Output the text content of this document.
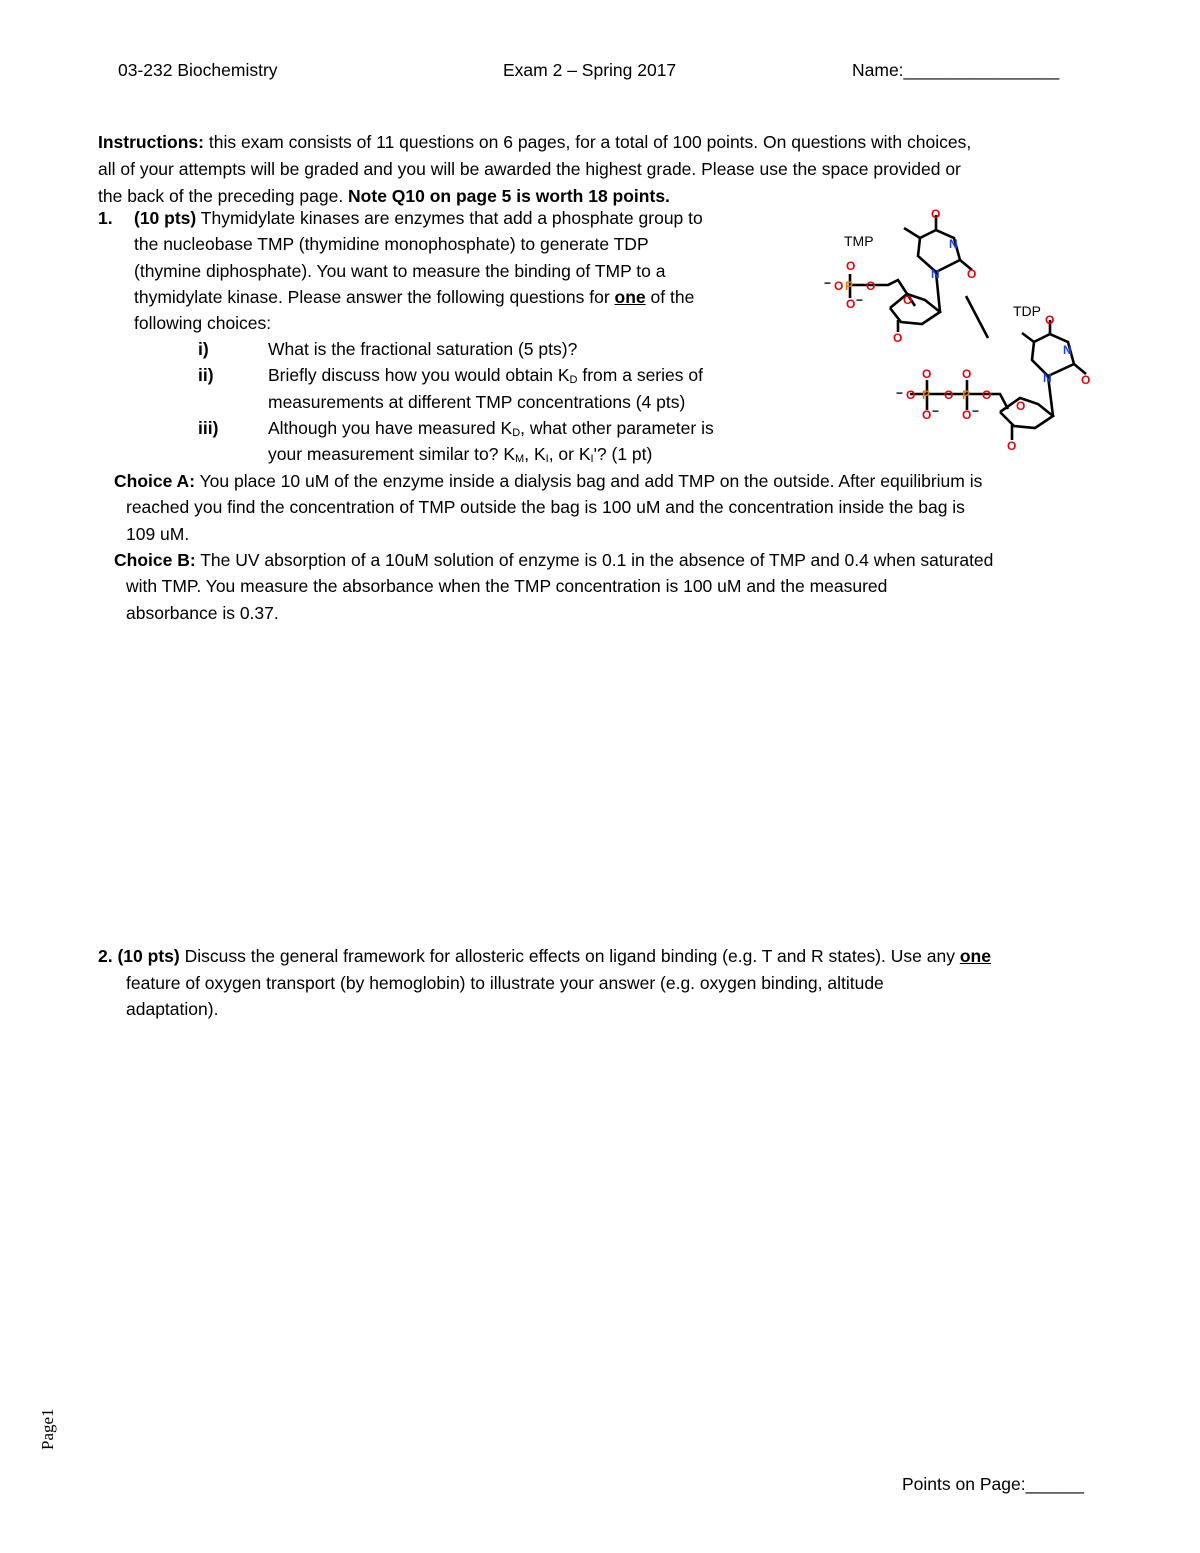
03-232 Biochemistry	Exam 2 – Spring 2017	Name:________________
Instructions: this exam consists of 11 questions on 6 pages, for a total of 100 points. On questions with choices,
all of your attempts will be graded and you will be awarded the highest grade. Please use the space provided or
the back of the preceding page. Note Q10 on page 5 is worth 18 points.
1. (10 pts) Thymidylate kinases are enzymes that add a phosphate group to
the nucleobase TMP (thymidine monophosphate) to generate TDP
(thymine diphosphate). You want to measure the binding of TMP to a
thymidylate kinase. Please answer the following questions for one of the
following choices:
i)	What is the fractional saturation (5 pts)?
ii)	Briefly discuss how you would obtain $K_D$ from a series of
measurements at different TMP concentrations (4 pts)
iii)	Although you have measured $K_D$, what other parameter is
your measurement similar to? $K_M$, $K_I$, or $K_I'$? (1 pt)
Choice A: You place 10 uM of the enzyme inside a dialysis bag and add TMP on the outside. After equilibrium is
reached you find the concentration of TMP outside the bag is 100 uM and the concentration inside the bag is
109 uM.
Choice B: The UV absorption of a 10uM solution of enzyme is 0.1 in the absence of TMP and 0.4 when saturated
with TMP. You measure the absorbance when the TMP concentration is 100 uM and the measured
absorbance is 0.37.
O
O
− P O
O −	O
O
O
N
N O
O	O
− O P O P O
O − O −	O
O
O
N
N O
TMP
TDP
2. (10 pts) Discuss the general framework for allosteric effects on ligand binding (e.g. T and R states). Use any one
feature of oxygen transport (by hemoglobin) to illustrate your answer (e.g. oxygen binding, altitude
adaptation).
Page1
Points on Page:______
